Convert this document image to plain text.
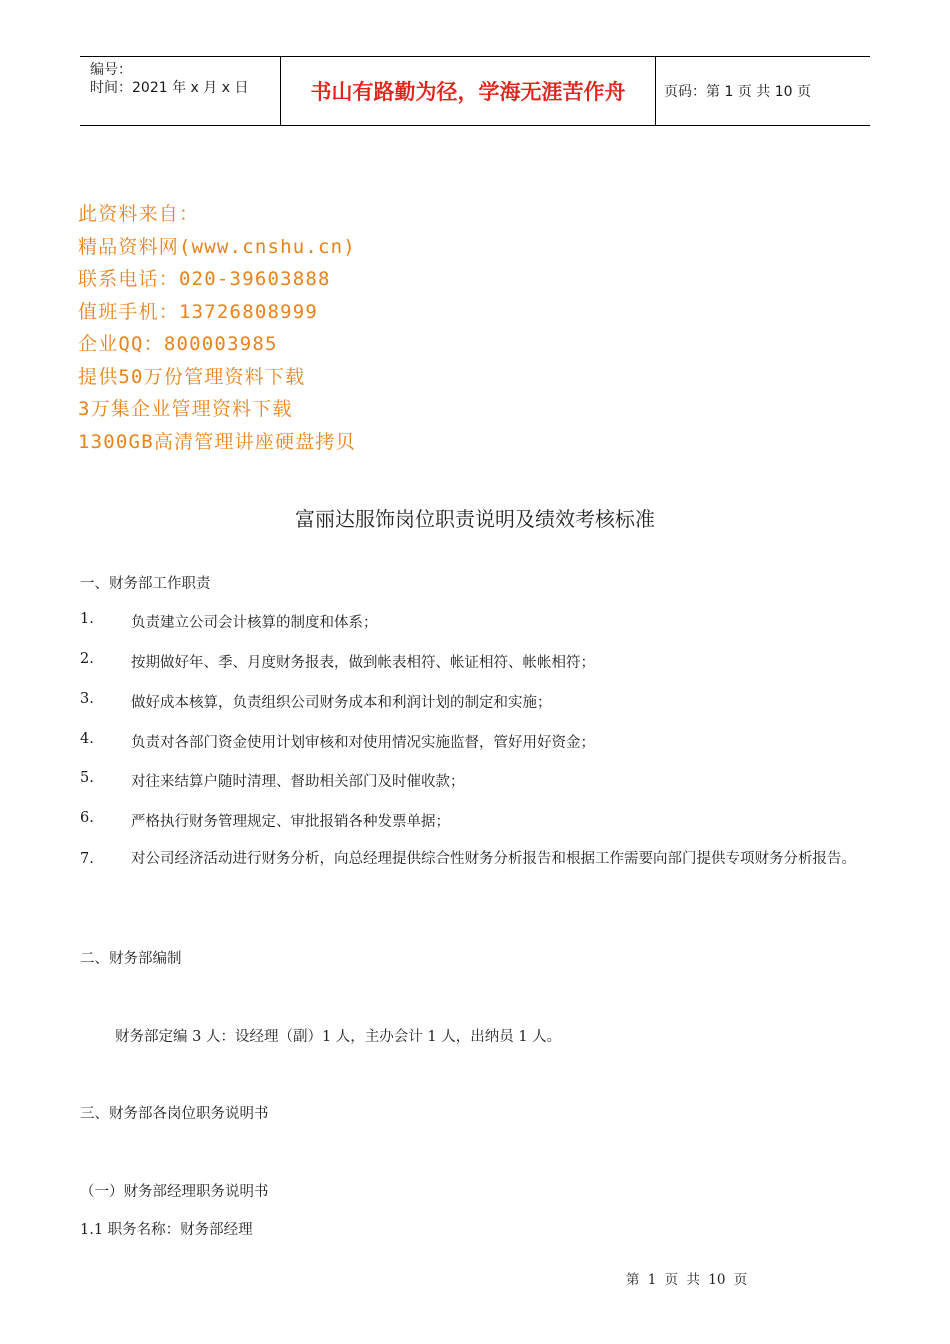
编号：
时间：2021 年 x 月 x 日	书山有路勤为径，学海无涯苦作舟	页码：第 1 页 共 10 页
此资料来自：
精品资料网(www.cnshu.cn)
联系电话：020-39603888
值班手机：13726808999
企业QQ：800003985
提供50万份管理资料下载
3万集企业管理资料下载
1300GB高清管理讲座硬盘拷贝
富丽达服饰岗位职责说明及绩效考核标准
一、财务部工作职责
1.	负责建立公司会计核算的制度和体系；
2.	按期做好年、季、月度财务报表，做到帐表相符、帐证相符、帐帐相符；
3.	做好成本核算，负责组织公司财务成本和利润计划的制定和实施；
4.	负责对各部门资金使用计划审核和对使用情况实施监督，管好用好资金；
5.	对往来结算户随时清理、督助相关部门及时催收款；
6.	严格执行财务管理规定、审批报销各种发票单据；
7.	对公司经济活动进行财务分析，向总经理提供综合性财务分析报告和根据工作需要向部门提供专项财务分析报告。
二、财务部编制
财务部定编 3 人：设经理（副）1 人，主办会计 1 人，出纳员 1 人。
三、财务部各岗位职务说明书
（一）财务部经理职务说明书
1.1 职务名称：财务部经理
第 1 页 共 10 页
